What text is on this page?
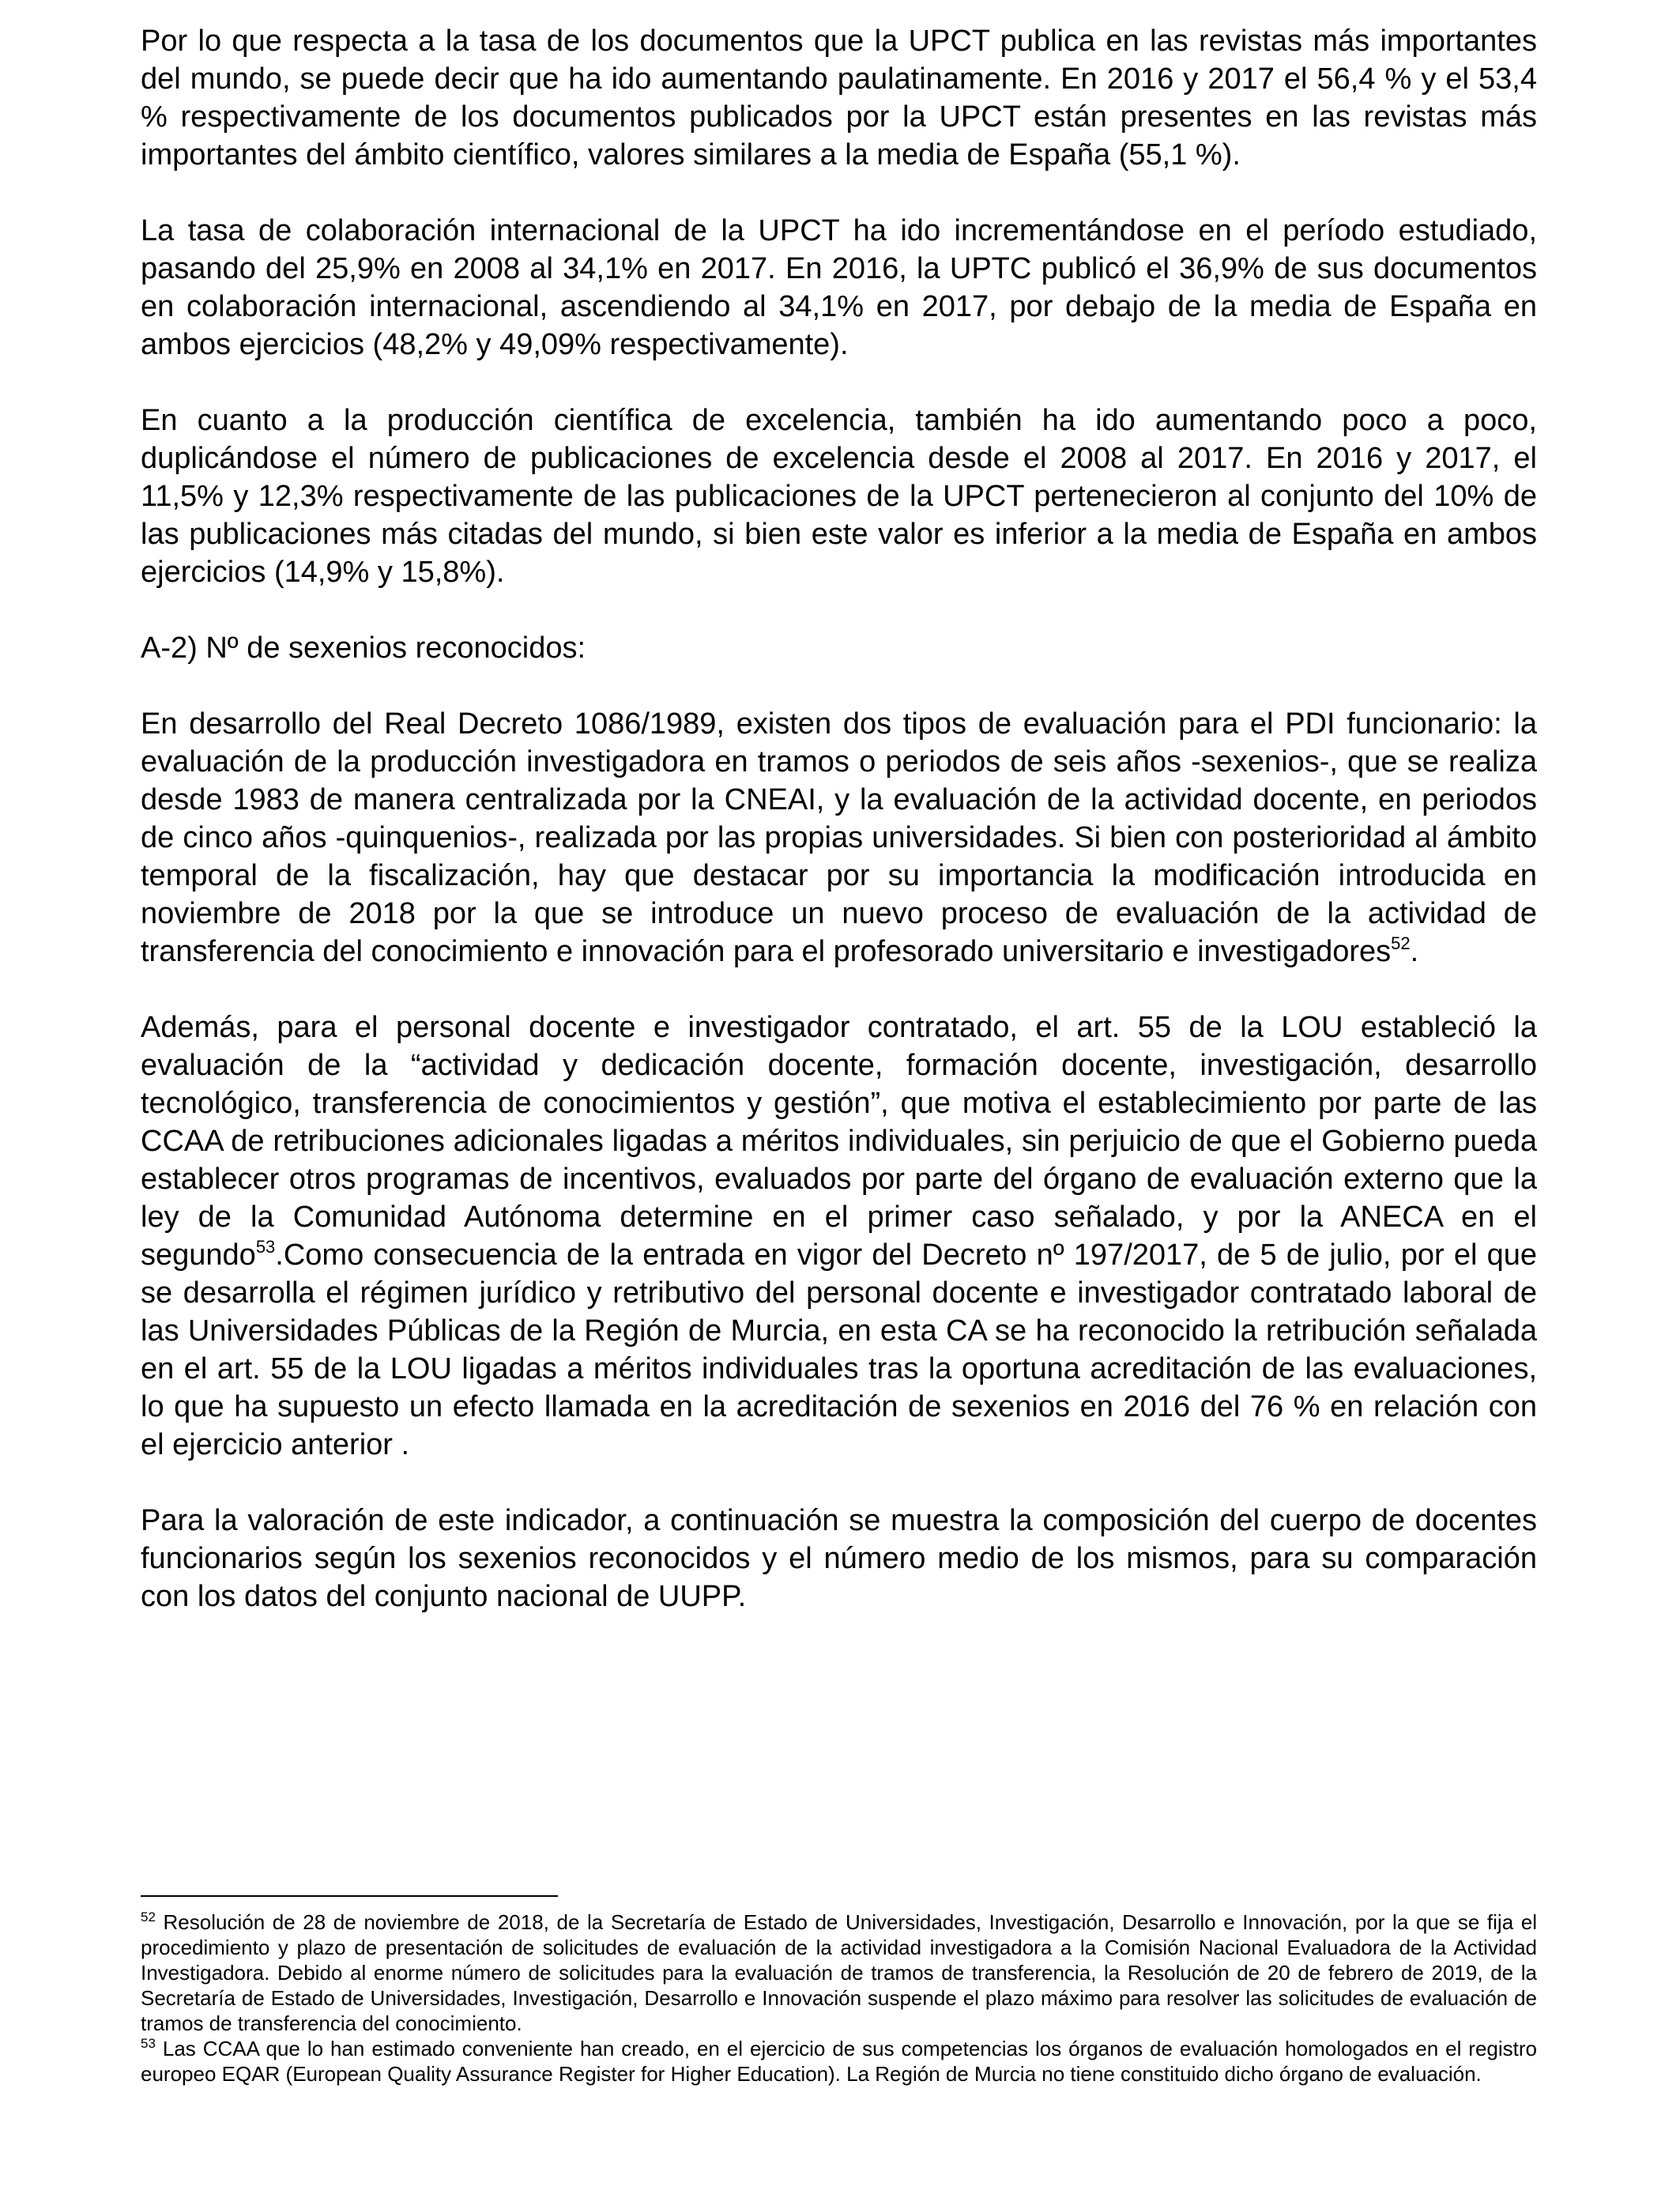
Por lo que respecta a la tasa de los documentos que la UPCT publica en las revistas más importantes del mundo, se puede decir que ha ido aumentando paulatinamente. En 2016 y 2017 el 56,4 % y el 53,4 % respectivamente de los documentos publicados por la UPCT están presentes en las revistas más importantes del ámbito científico, valores similares a la media de España (55,1 %).

La tasa de colaboración internacional de la UPCT ha ido incrementándose en el período estudiado, pasando del 25,9% en 2008 al 34,1% en 2017. En 2016, la UPTC publicó el 36,9% de sus documentos en colaboración internacional, ascendiendo al 34,1% en 2017, por debajo de la media de España en ambos ejercicios (48,2% y 49,09% respectivamente).

En cuanto a la producción científica de excelencia, también ha ido aumentando poco a poco, duplicándose el número de publicaciones de excelencia desde el 2008 al 2017. En 2016 y 2017, el 11,5% y 12,3% respectivamente de las publicaciones de la UPCT pertenecieron al conjunto del 10% de las publicaciones más citadas del mundo, si bien este valor es inferior a la media de España en ambos ejercicios (14,9% y 15,8%).

A-2) Nº de sexenios reconocidos:

En desarrollo del Real Decreto 1086/1989, existen dos tipos de evaluación para el PDI funcionario: la evaluación de la producción investigadora en tramos o periodos de seis años -sexenios-, que se realiza desde 1983 de manera centralizada por la CNEAI, y la evaluación de la actividad docente, en periodos de cinco años -quinquenios-, realizada por las propias universidades. Si bien con posterioridad al ámbito temporal de la fiscalización, hay que destacar por su importancia la modificación introducida en noviembre de 2018 por la que se introduce un nuevo proceso de evaluación de la actividad de transferencia del conocimiento e innovación para el profesorado universitario e investigadores$^{52}$.

Además, para el personal docente e investigador contratado, el art. 55 de la LOU estableció la evaluación de la “actividad y dedicación docente, formación docente, investigación, desarrollo tecnológico, transferencia de conocimientos y gestión”, que motiva el establecimiento por parte de las CCAA de retribuciones adicionales ligadas a méritos individuales, sin perjuicio de que el Gobierno pueda establecer otros programas de incentivos, evaluados por parte del órgano de evaluación externo que la ley de la Comunidad Autónoma determine en el primer caso señalado, y por la ANECA en el segundo$^{53}$.Como consecuencia de la entrada en vigor del Decreto nº 197/2017, de 5 de julio, por el que se desarrolla el régimen jurídico y retributivo del personal docente e investigador contratado laboral de las Universidades Públicas de la Región de Murcia, en esta CA se ha reconocido la retribución señalada en el art. 55 de la LOU ligadas a méritos individuales tras la oportuna acreditación de las evaluaciones, lo que ha supuesto un efecto llamada en la acreditación de sexenios en 2016 del 76 % en relación con el ejercicio anterior .

Para la valoración de este indicador, a continuación se muestra la composición del cuerpo de docentes funcionarios según los sexenios reconocidos y el número medio de los mismos, para su comparación con los datos del conjunto nacional de UUPP.

$^{52}$ Resolución de 28 de noviembre de 2018, de la Secretaría de Estado de Universidades, Investigación, Desarrollo e Innovación, por la que se fija el procedimiento y plazo de presentación de solicitudes de evaluación de la actividad investigadora a la Comisión Nacional Evaluadora de la Actividad Investigadora. Debido al enorme número de solicitudes para la evaluación de tramos de transferencia, la Resolución de 20 de febrero de 2019, de la Secretaría de Estado de Universidades, Investigación, Desarrollo e Innovación suspende el plazo máximo para resolver las solicitudes de evaluación de tramos de transferencia del conocimiento.

$^{53}$ Las CCAA que lo han estimado conveniente han creado, en el ejercicio de sus competencias los órganos de evaluación homologados en el registro europeo EQAR (European Quality Assurance Register for Higher Education). La Región de Murcia no tiene constituido dicho órgano de evaluación.
